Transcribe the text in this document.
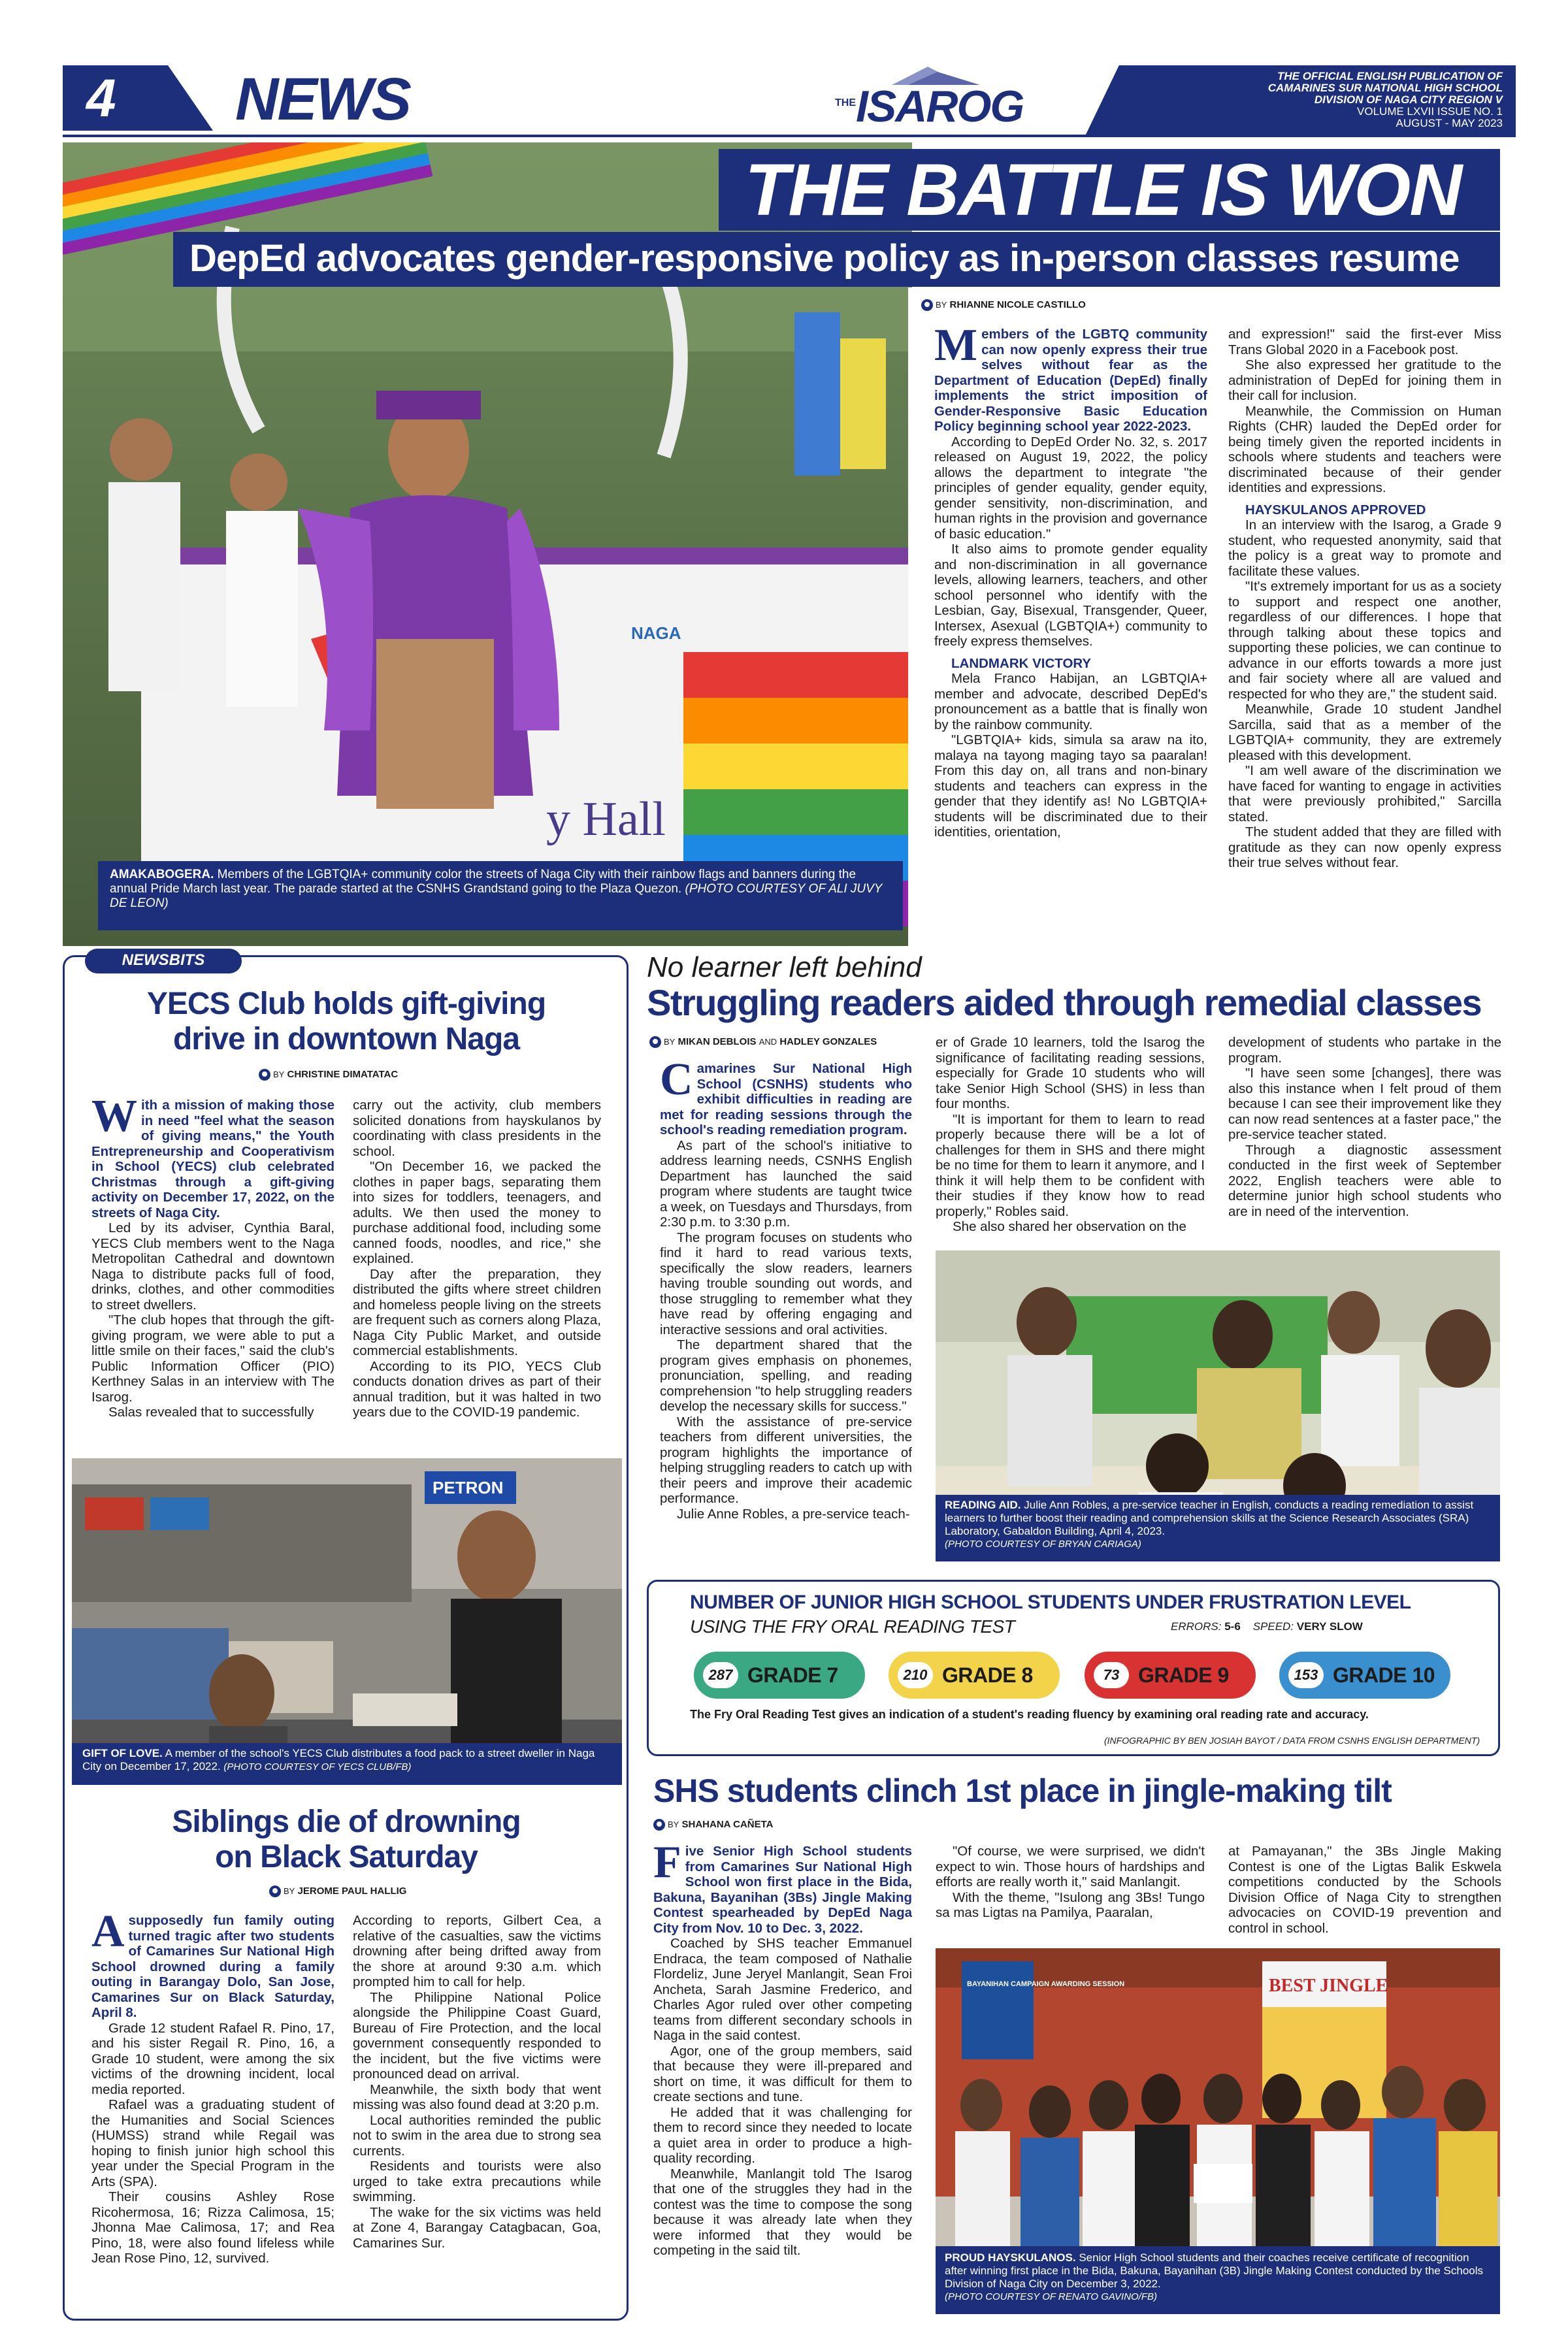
4 NEWS	THE ISAROG
THE OFFICIAL ENGLISH PUBLICATION OF
CAMARINES SUR NATIONAL HIGH SCHOOL
DIVISION OF NAGA CITY REGION V
VOLUME LXVII ISSUE NO. 1
AUGUST - MAY 2023
y Hall
NAGA
THE BATTLE IS WON
DepEd advocates gender-responsive policy as in-person classes resume
AMAKABOGERA. Members of the LGBTQIA+ community color the streets of Naga City with their rainbow flags and banners during the annual Pride March last year. The parade started at the CSNHS Grandstand going to the Plaza Quezon. (PHOTO COURTESY OF ALI JUVY DE LEON)
BY RHIANNE NICOLE CASTILLO

Members of the LGBTQ community can now openly express their true selves without fear as the Department of Education (DepEd) finally implements the strict imposition of Gender-Responsive Basic Education Policy beginning school year 2022-2023.

According to DepEd Order No. 32, s. 2017 released on August 19, 2022, the policy allows the department to integrate "the principles of gender equality, gender equity, gender sensitivity, non-discrimination, and human rights in the provision and governance of basic education."

It also aims to promote gender equality and non-discrimination in all governance levels, allowing learners, teachers, and other school personnel who identify with the Lesbian, Gay, Bisexual, Transgender, Queer, Intersex, Asexual (LGBTQIA+) community to freely express themselves.

LANDMARK VICTORY

Mela Franco Habijan, an LGBTQIA+ member and advocate, described DepEd's pronouncement as a battle that is finally won by the rainbow community.

"LGBTQIA+ kids, simula sa araw na ito, malaya na tayong maging tayo sa paaralan! From this day on, all trans and non-binary students and teachers can express in the gender that they identify as! No LGBTQIA+ students will be discriminated due to their identities, orientation,

and expression!" said the first-ever Miss Trans Global 2020 in a Facebook post.

She also expressed her gratitude to the administration of DepEd for joining them in their call for inclusion.

Meanwhile, the Commission on Human Rights (CHR) lauded the DepEd order for being timely given the reported incidents in schools where students and teachers were discriminated because of their gender identities and expressions.

HAYSKULANOS APPROVED

In an interview with the Isarog, a Grade 9 student, who requested anonymity, said that the policy is a great way to promote and facilitate these values.

"It's extremely important for us as a society to support and respect one another, regardless of our differences. I hope that through talking about these topics and supporting these policies, we can continue to advance in our efforts towards a more just and fair society where all are valued and respected for who they are," the student said.

Meanwhile, Grade 10 student Jandhel Sarcilla, said that as a member of the LGBTQIA+ community, they are extremely pleased with this development.

"I am well aware of the discrimination we have faced for wanting to engage in activities that were previously prohibited," Sarcilla stated.

The student added that they are filled with gratitude as they can now openly express their true selves without fear.

NEWSBITS
YECS Club holds gift-giving
drive in downtown Naga
BY CHRISTINE DIMATATAC

With a mission of making those in need "feel what the season of giving means," the Youth Entrepreneurship and Cooperativism in School (YECS) club celebrated Christmas through a gift-giving activity on December 17, 2022, on the streets of Naga City.

Led by its adviser, Cynthia Baral, YECS Club members went to the Naga Metropolitan Cathedral and downtown Naga to distribute packs full of food, drinks, clothes, and other commodities to street dwellers.

"The club hopes that through the gift-giving program, we were able to put a little smile on their faces," said the club's Public Information Officer (PIO) Kerthney Salas in an interview with The Isarog.

Salas revealed that to successfully

carry out the activity, club members solicited donations from hayskulanos by coordinating with class presidents in the school.

"On December 16, we packed the clothes in paper bags, separating them into sizes for toddlers, teenagers, and adults. We then used the money to purchase additional food, including some canned foods, noodles, and rice," she explained.

Day after the preparation, they distributed the gifts where street children and homeless people living on the streets are frequent such as corners along Plaza, Naga City Public Market, and outside commercial establishments.

According to its PIO, YECS Club conducts donation drives as part of their annual tradition, but it was halted in two years due to the COVID-19 pandemic.

PETRON
GIFT OF LOVE. A member of the school's YECS Club distributes a food pack to a street dweller in Naga City on December 17, 2022. (PHOTO COURTESY OF YECS CLUB/FB)
Siblings die of drowning
on Black Saturday
BY JEROME PAUL HALLIG

Asupposedly fun family outing turned tragic after two students of Camarines Sur National High School drowned during a family outing in Barangay Dolo, San Jose, Camarines Sur on Black Saturday, April 8.

Grade 12 student Rafael R. Pino, 17, and his sister Regail R. Pino, 16, a Grade 10 student, were among the six victims of the drowning incident, local media reported.

Rafael was a graduating student of the Humanities and Social Sciences (HUMSS) strand while Regail was hoping to finish junior high school this year under the Special Program in the Arts (SPA).

Their cousins Ashley Rose Ricohermosa, 16; Rizza Calimosa, 15; Jhonna Mae Calimosa, 17; and Rea Pino, 18, were also found lifeless while Jean Rose Pino, 12, survived.

According to reports, Gilbert Cea, a relative of the casualties, saw the victims drowning after being drifted away from the shore at around 9:30 a.m. which prompted him to call for help.

The Philippine National Police alongside the Philippine Coast Guard, Bureau of Fire Protection, and the local government consequently responded to the incident, but the five victims were pronounced dead on arrival.

Meanwhile, the sixth body that went missing was also found dead at 3:20 p.m.

Local authorities reminded the public not to swim in the area due to strong sea currents.

Residents and tourists were also urged to take extra precautions while swimming.

The wake for the six victims was held at Zone 4, Barangay Catagbacan, Goa, Camarines Sur.

No learner left behind
Struggling readers aided through remedial classes
BY MIKAN DEBLOIS AND HADLEY GONZALES

Camarines Sur National High School (CSNHS) students who exhibit difficulties in reading are met for reading sessions through the school's reading remediation program.

As part of the school's initiative to address learning needs, CSNHS English Department has launched the said program where students are taught twice a week, on Tuesdays and Thursdays, from 2:30 p.m. to 3:30 p.m.

The program focuses on students who find it hard to read various texts, specifically the slow readers, learners having trouble sounding out words, and those struggling to remember what they have read by offering engaging and interactive sessions and oral activities.

The department shared that the program gives emphasis on phonemes, pronunciation, spelling, and reading comprehension "to help struggling readers develop the necessary skills for success."

With the assistance of pre-service teachers from different universities, the program highlights the importance of helping struggling readers to catch up with their peers and improve their academic performance.

Julie Anne Robles, a pre-service teach-

er of Grade 10 learners, told the Isarog the significance of facilitating reading sessions, especially for Grade 10 students who will take Senior High School (SHS) in less than four months.

"It is important for them to learn to read properly because there will be a lot of challenges for them in SHS and there might be no time for them to learn it anymore, and I think it will help them to be confident with their studies if they know how to read properly," Robles said.

She also shared her observation on the

development of students who partake in the program.

"I have seen some [changes], there was also this instance when I felt proud of them because I can see their improvement like they can now read sentences at a faster pace," the pre-service teacher stated.

Through a diagnostic assessment conducted in the first week of September 2022, English teachers were able to determine junior high school students who are in need of the intervention.

READING AID. Julie Ann Robles, a pre-service teacher in English, conducts a reading remediation to assist learners to further boost their reading and comprehension skills at the Science Research Associates (SRA) Laboratory, Gabaldon Building, April 4, 2023.
(PHOTO COURTESY OF BRYAN CARIAGA)
NUMBER OF JUNIOR HIGH SCHOOL STUDENTS UNDER FRUSTRATION LEVEL
USING THE FRY ORAL READING TEST	ERRORS: 5-6 SPEED: VERY SLOW
287 GRADE 7	210 GRADE 8	73 GRADE 9	153 GRADE 10
The Fry Oral Reading Test gives an indication of a student's reading fluency by examining oral reading rate and accuracy.
(INFOGRAPHIC BY BEN JOSIAH BAYOT / DATA FROM CSNHS ENGLISH DEPARTMENT)
SHS students clinch 1st place in jingle-making tilt
BY SHAHANA CAÑETA

Five Senior High School students from Camarines Sur National High School won first place in the Bida, Bakuna, Bayanihan (3Bs) Jingle Making Contest spearheaded by DepEd Naga City from Nov. 10 to Dec. 3, 2022.

Coached by SHS teacher Emmanuel Endraca, the team composed of Nathalie Flordeliz, June Jeryel Manlangit, Sean Froi Ancheta, Sarah Jasmine Frederico, and Charles Agor ruled over other competing teams from different secondary schools in Naga in the said contest.

Agor, one of the group members, said that because they were ill-prepared and short on time, it was difficult for them to create sections and tune.

He added that it was challenging for them to record since they needed to locate a quiet area in order to produce a high-quality recording.

Meanwhile, Manlangit told The Isarog that one of the struggles they had in the contest was the time to compose the song because it was already late when they were informed that they would be competing in the said tilt.

"Of course, we were surprised, we didn't expect to win. Those hours of hardships and efforts are really worth it," said Manlangit.

With the theme, "Isulong ang 3Bs! Tungo sa mas Ligtas na Pamilya, Paaralan,

at Pamayanan," the 3Bs Jingle Making Contest is one of the Ligtas Balik Eskwela competitions conducted by the Schools Division Office of Naga City to strengthen advocacies on COVID-19 prevention and control in school.

BAYANIHAN CAMPAIGN AWARDING SESSION	BEST JINGLE
PROUD HAYSKULANOS. Senior High School students and their coaches receive certificate of recognition after winning first place in the Bida, Bakuna, Bayanihan (3B) Jingle Making Contest conducted by the Schools Division of Naga City on December 3, 2022.
(PHOTO COURTESY OF RENATO GAVINO/FB)
